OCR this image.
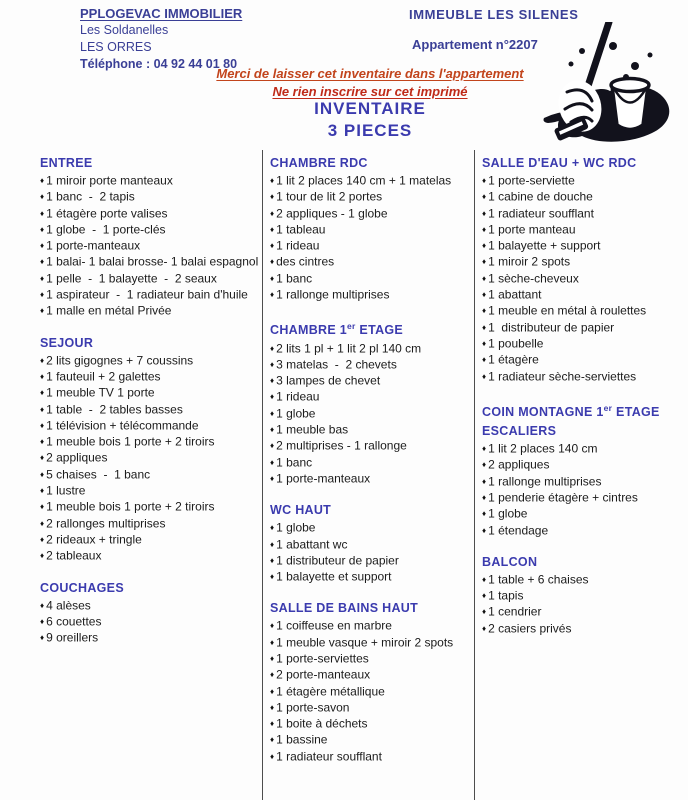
PPLOGEVAC IMMOBILIER
Les Soldanelles
LES ORRES
Téléphone : 04 92 44 01 80
IMMEUBLE LES SILENES
Appartement n°2207
Merci de laisser cet inventaire dans l'appartement
Ne rien inscrire sur cet imprimé
INVENTAIRE
3 PIECES
ENTREE
♦ 1 miroir porte manteaux
♦ 1 banc  -  2 tapis
♦ 1 étagère porte valises
♦ 1 globe  -  1 porte-clés
♦ 1 porte-manteaux
♦ 1 balai- 1 balai brosse- 1 balai espagnol
♦ 1 pelle  -  1 balayette  -  2 seaux
♦ 1 aspirateur  -  1 radiateur bain d'huile
♦ 1 malle en métal Privée
SEJOUR
♦ 2 lits gigognes + 7 coussins
♦ 1 fauteuil + 2 galettes
♦ 1 meuble TV 1 porte
♦ 1 table  -  2 tables basses
♦ 1 télévision + télécommande
♦ 1 meuble bois 1 porte + 2 tiroirs
♦ 2 appliques
♦ 5 chaises  -  1 banc
♦ 1 lustre
♦ 1 meuble bois 1 porte + 2 tiroirs
♦ 2 rallonges multiprises
♦ 2 rideaux + tringle
♦ 2 tableaux
COUCHAGES
♦ 4 alèses
♦ 6 couettes
♦ 9 oreillers
CHAMBRE RDC
♦ 1 lit 2 places 140 cm + 1 matelas
♦ 1 tour de lit 2 portes
♦ 2 appliques - 1 globe
♦ 1 tableau
♦ 1 rideau
♦ des cintres
♦ 1 banc
♦ 1 rallonge multiprises
CHAMBRE 1er ETAGE
♦ 2 lits 1 pl + 1 lit 2 pl 140 cm
♦ 3 matelas  -  2 chevets
♦ 3 lampes de chevet
♦ 1 rideau
♦ 1 globe
♦ 1 meuble bas
♦ 2 multiprises - 1 rallonge
♦ 1 banc
♦ 1 porte-manteaux
WC HAUT
♦ 1 globe
♦ 1 abattant wc
♦ 1 distributeur de papier
♦ 1 balayette et support
SALLE DE BAINS HAUT
♦ 1 coiffeuse en marbre
♦ 1 meuble vasque + miroir 2 spots
♦ 1 porte-serviettes
♦ 2 porte-manteaux
♦ 1 étagère métallique
♦ 1 porte-savon
♦ 1 boite à déchets
♦ 1 bassine
♦ 1 radiateur soufflant
SALLE D'EAU + WC RDC
♦ 1 porte-serviette
♦ 1 cabine de douche
♦ 1 radiateur soufflant
♦ 1 porte manteau
♦ 1 balayette + support
♦ 1 miroir 2 spots
♦ 1 sèche-cheveux
♦ 1 abattant
♦ 1 meuble en métal à roulettes
♦ 1  distributeur de papier
♦ 1 poubelle
♦ 1 étagère
♦ 1 radiateur sèche-serviettes
COIN MONTAGNE 1er ETAGE
ESCALIERS
♦ 1 lit 2 places 140 cm
♦ 2 appliques
♦ 1 rallonge multiprises
♦ 1 penderie étagère + cintres
♦ 1 globe
♦ 1 étendage
BALCON
♦ 1 table + 6 chaises
♦ 1 tapis
♦ 1 cendrier
♦ 2 casiers privés
